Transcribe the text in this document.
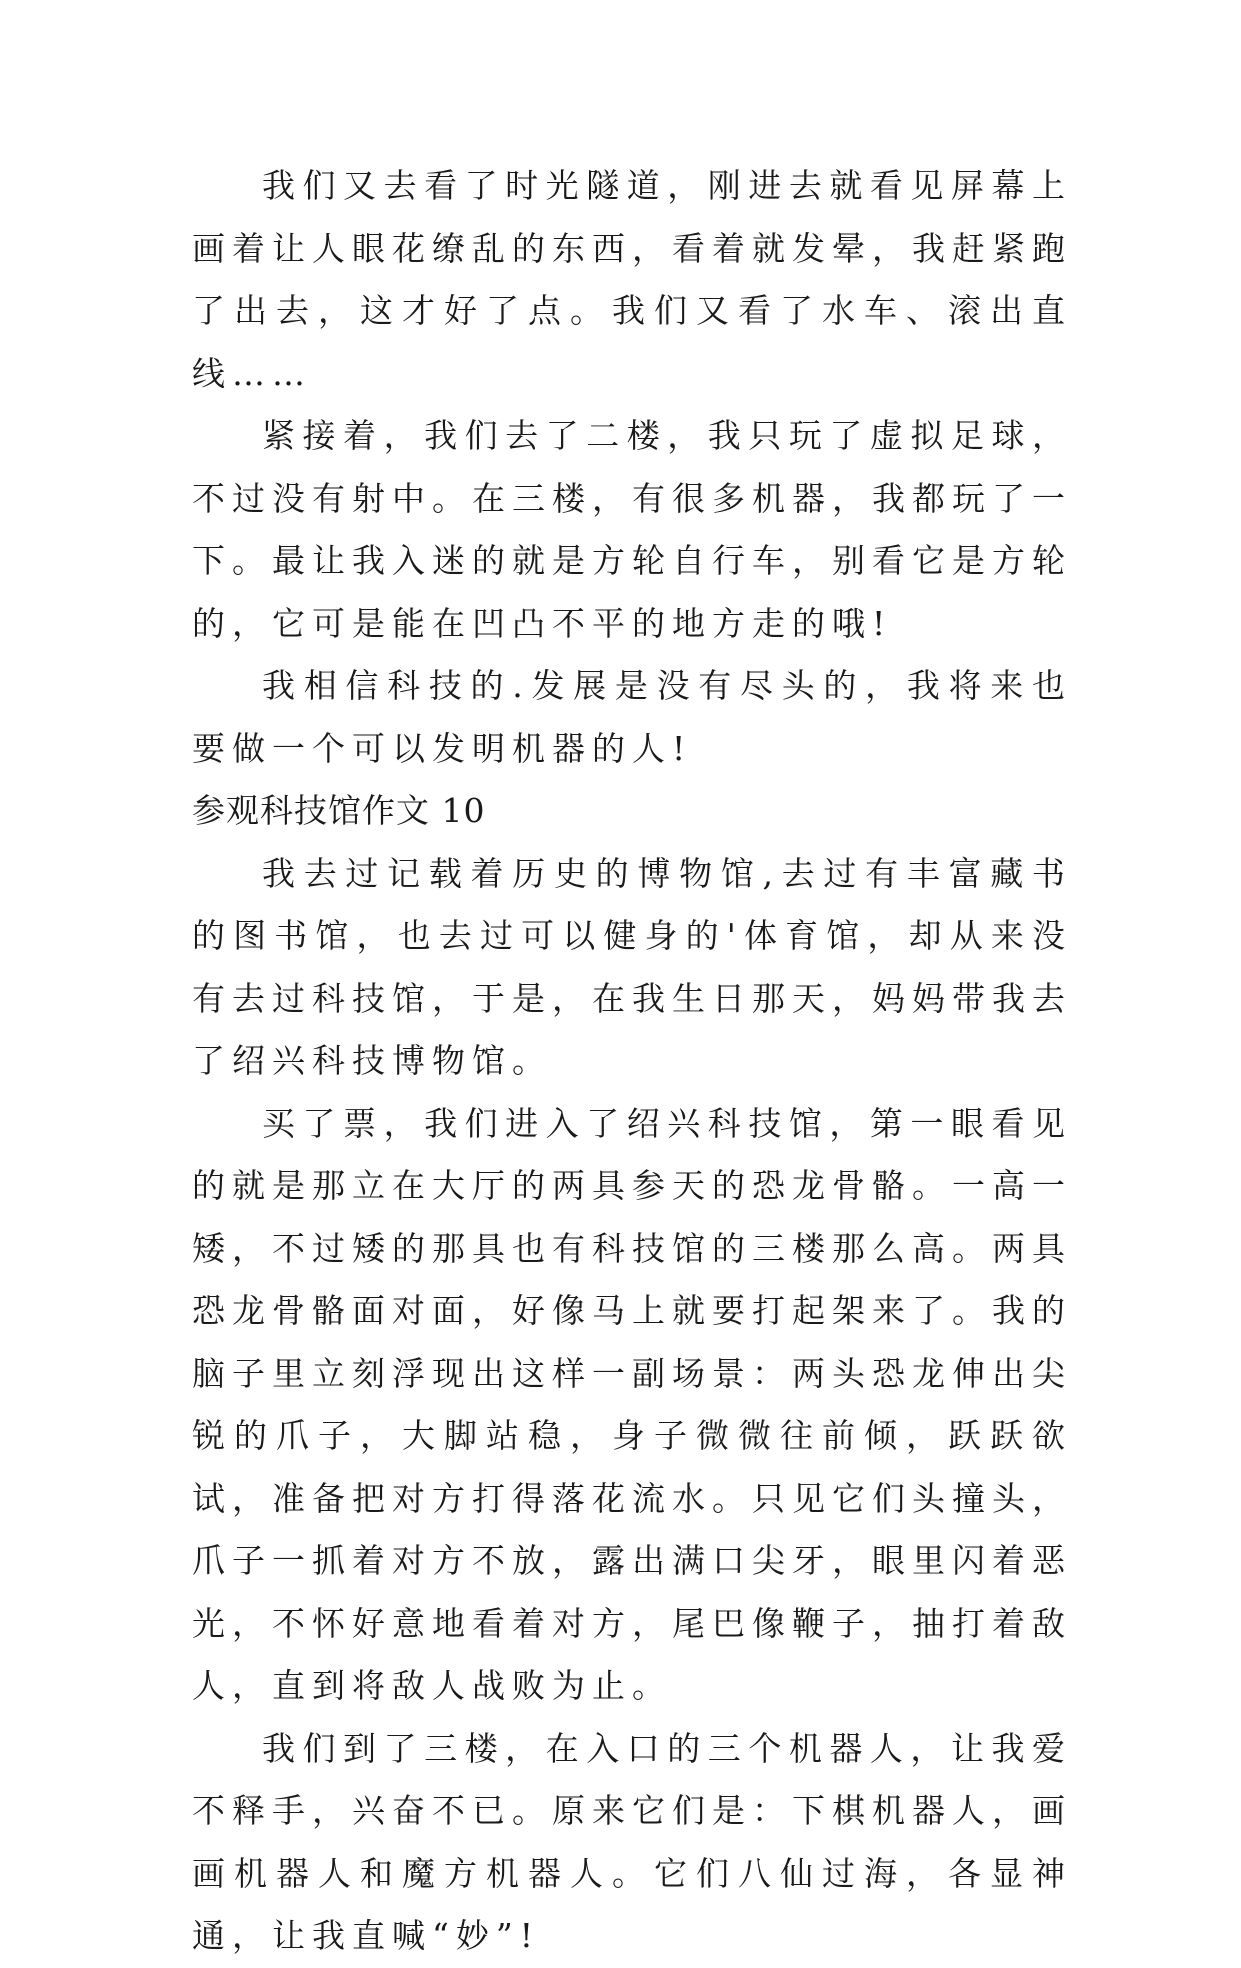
我们又去看了时光隧道，刚进去就看见屏幕上画着让人眼花缭乱的东西，看着就发晕，我赶紧跑了出去，这才好了点。我们又看了水车、滚出直线……

紧接着，我们去了二楼，我只玩了虚拟足球，不过没有射中。在三楼，有很多机器，我都玩了一下。最让我入迷的就是方轮自行车，别看它是方轮的，它可是能在凹凸不平的地方走的哦!

我相信科技的.发展是没有尽头的，我将来也要做一个可以发明机器的人!

参观科技馆作文 10

我去过记载着历史的博物馆,去过有丰富藏书的图书馆，也去过可以健身的'体育馆，却从来没有去过科技馆，于是，在我生日那天，妈妈带我去了绍兴科技博物馆。

买了票，我们进入了绍兴科技馆，第一眼看见的就是那立在大厅的两具参天的恐龙骨骼。一高一矮，不过矮的那具也有科技馆的三楼那么高。两具恐龙骨骼面对面，好像马上就要打起架来了。我的脑子里立刻浮现出这样一副场景：两头恐龙伸出尖锐的爪子，大脚站稳，身子微微往前倾，跃跃欲试，准备把对方打得落花流水。只见它们头撞头，爪子一抓着对方不放，露出满口尖牙，眼里闪着恶光，不怀好意地看着对方，尾巴像鞭子，抽打着敌人，直到将敌人战败为止。

我们到了三楼，在入口的三个机器人，让我爱不释手，兴奋不已。原来它们是：下棋机器人，画画机器人和魔方机器人。它们八仙过海，各显神通，让我直喊“妙”!
